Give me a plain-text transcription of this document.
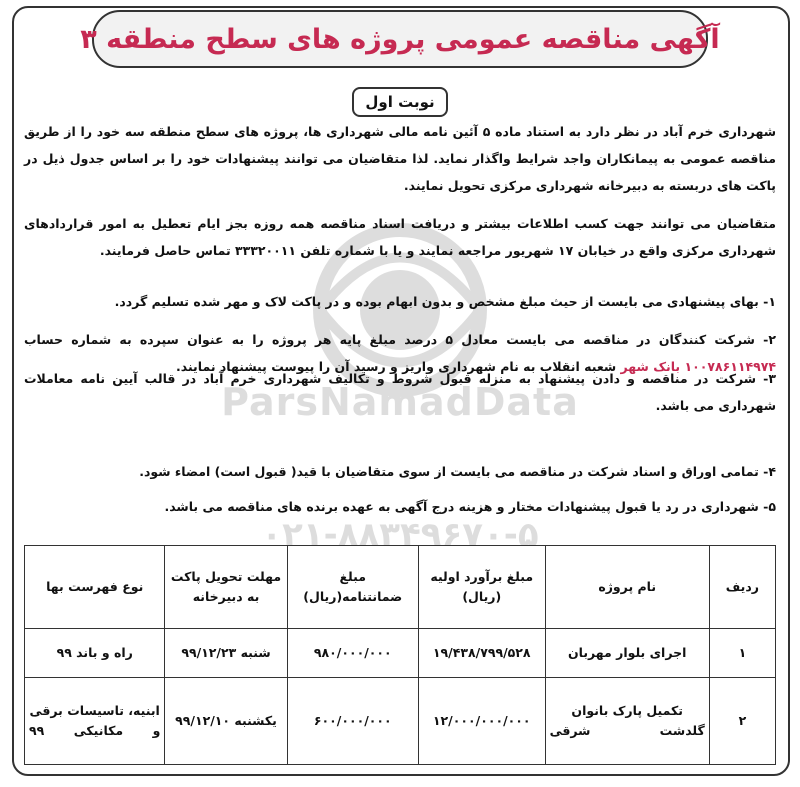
ParsNamadData
۰۲۱-۸۸۳۴۹۶۷۰-۵
آگهی مناقصه عمومی پروژه های سطح منطقه ۳
نوبت اول
شهرداری خرم آباد در نظر دارد به استناد ماده ۵ آئین نامه مالی شهرداری ها، پروژه های سطح منطقه سه خود را از طریق مناقصه عمومی به پیمانکاران واجد شرایط واگذار نماید. لذا متقاضیان می توانند پیشنهادات خود را بر اساس جدول ذیل در پاکت های دربسته به دبیرخانه شهرداری مرکزی تحویل نمایند.
متقاضیان می توانند جهت کسب اطلاعات بیشتر و دریافت اسناد مناقصه همه روزه بجز ایام تعطیل به امور قراردادهای شهرداری مرکزی واقع در خیابان ۱۷ شهریور مراجعه نمایند و یا با شماره تلفن ۳۳۳۲۰۰۱۱ تماس حاصل فرمایند.
۱- بهای پیشنهادی می بایست از حیث مبلغ مشخص و بدون ابهام بوده و در پاکت لاک و مهر شده تسلیم گردد.
۲- شرکت کنندگان در مناقصه می بایست معادل ۵ درصد مبلغ پایه هر پروژه را به عنوان سپرده به شماره حساب ۱۰۰۷۸۶۱۱۴۹۷۴ بانک شهر شعبه انقلاب به نام شهرداری واریز و رسید آن را پیوست پیشنهاد نمایند.
۳- شرکت در مناقصه و دادن پیشنهاد به منزله قبول شروط و تکالیف شهرداری خرم آباد در قالب آیین نامه معاملات شهرداری می باشد.
۴- تمامی اوراق و اسناد شرکت در مناقصه می بایست از سوی متقاضیان با قید( قبول است) امضاء شود.
۵- شهرداری در رد یا قبول پیشنهادات مختار و هزینه درج آگهی به عهده برنده های مناقصه می باشد.
ردیف	نام پروژه	مبلغ برآورد اولیه (ریال)	مبلغ ضمانتنامه(ریال)	مهلت تحویل پاکت به دبیرخانه	نوع فهرست بها
۱	اجرای بلوار مهربان	۱۹/۴۳۸/۷۹۹/۵۲۸	۹۸۰/۰۰۰/۰۰۰	شنبه ۹۹/۱۲/۲۳	راه و باند ۹۹
۲	تکمیل پارک بانوان گلدشت شرقی	۱۲/۰۰۰/۰۰۰/۰۰۰	۶۰۰/۰۰۰/۰۰۰	یکشنبه ۹۹/۱۲/۱۰	ابنیه، تاسیسات برقی و مکانیکی ۹۹
